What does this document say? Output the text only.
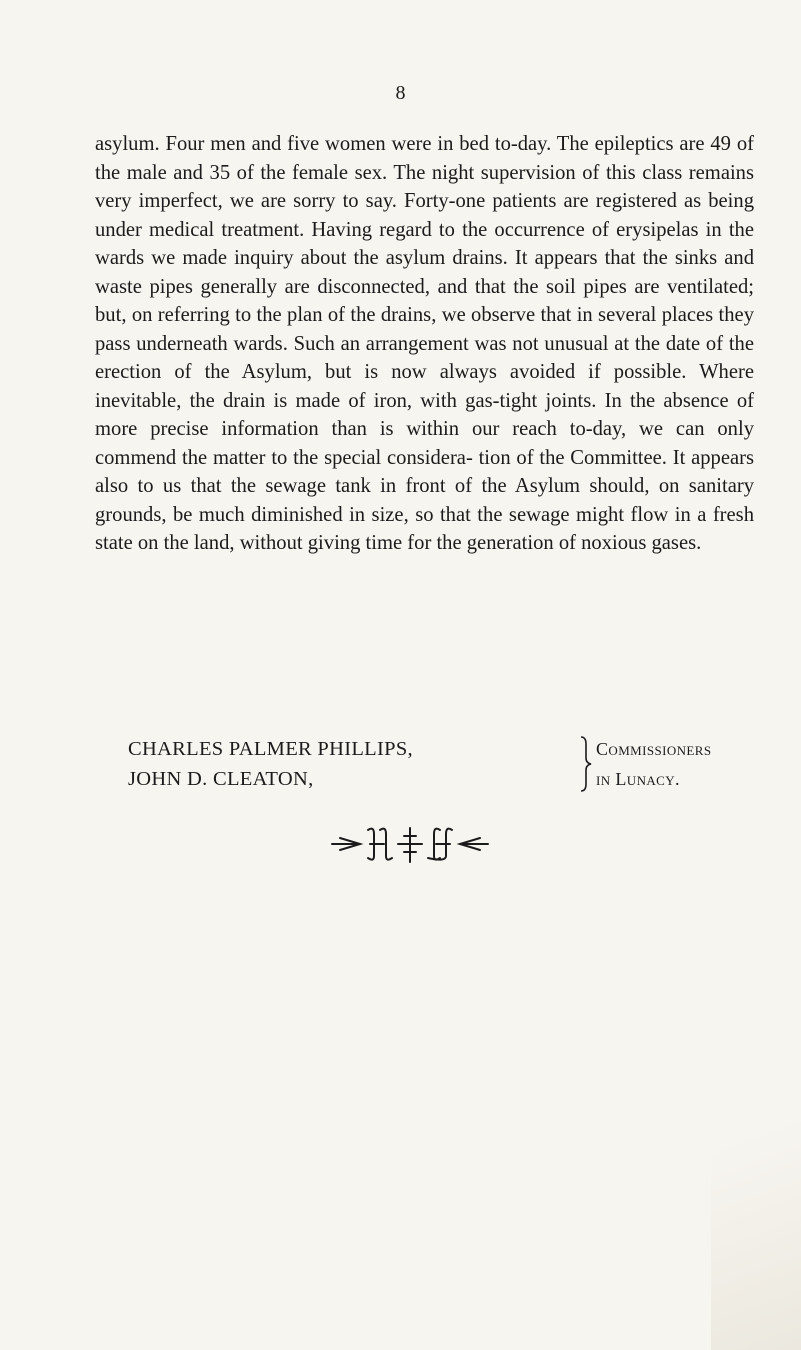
8

asylum. Four men and five women were in bed to-day. The epileptics are 49 of the male and 35 of the female sex. The night supervision of this class remains very imperfect, we are sorry to say. Forty-one patients are registered as being under medical treatment. Having regard to the occurrence of erysipelas in the wards we made inquiry about the asylum drains. It appears that the sinks and waste pipes generally are disconnected, and that the soil pipes are ventilated; but, on referring to the plan of the drains, we observe that in several places they pass underneath wards. Such an arrangement was not unusual at the date of the erection of the Asylum, but is now always avoided if possible. Where inevitable, the drain is made of iron, with gas-tight joints. In the absence of more precise information than is within our reach to-day, we can only commend the matter to the special considera- tion of the Committee. It appears also to us that the sewage tank in front of the Asylum should, on sanitary grounds, be much diminished in size, so that the sewage might flow in a fresh state on the land, without giving time for the generation of noxious gases.

CHARLES PALMER PHILLIPS,
JOHN D. CLEATON,
Commissioners
in Lunacy.
